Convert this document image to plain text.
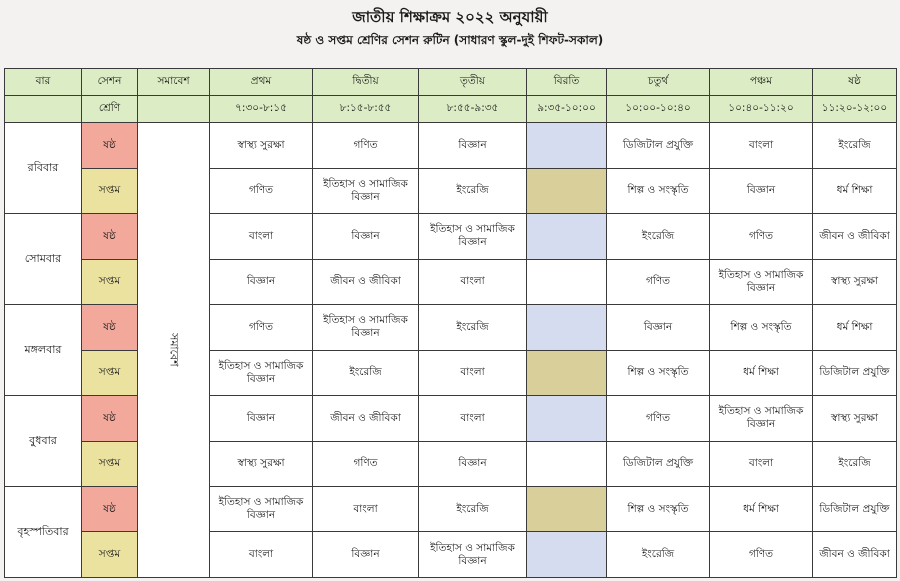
জাতীয় শিক্ষাক্রম ২০২২ অনুযায়ী
ষষ্ঠ ও সপ্তম শ্রেণির সেশন রুটিন (সাধারণ স্কুল-দুই শিফট-সকাল)
বার	সেশন	সমাবেশ	প্রথম	দ্বিতীয়	তৃতীয়	বিরতি	চতুর্থ	পঞ্চম	ষষ্ঠ
	শ্রেণি		৭:৩০-৮:১৫	৮:১৫-৮:৫৫	৮:৫৫-৯:৩৫	৯:৩৫-১০:০০	১০:০০-১০:৪০	১০:৪০-১১:২০	১১:২০-১২:০০
রবিবার	ষষ্ঠ	সমাবেশ	স্বাস্থ্য সুরক্ষা	গণিত	বিজ্ঞান		ডিজিটাল প্রযুক্তি	বাংলা	ইংরেজি
	সপ্তম		গণিত	ইতিহাস ও সামাজিক বিজ্ঞান	ইংরেজি		শিল্প ও সংস্কৃতি	বিজ্ঞান	ধর্ম শিক্ষা
সোমবার	ষষ্ঠ		বাংলা	বিজ্ঞান	ইতিহাস ও সামাজিক বিজ্ঞান		ইংরেজি	গণিত	জীবন ও জীবিকা
	সপ্তম		বিজ্ঞান	জীবন ও জীবিকা	বাংলা		গণিত	ইতিহাস ও সামাজিক বিজ্ঞান	স্বাস্থ্য সুরক্ষা
মঙ্গলবার	ষষ্ঠ		গণিত	ইতিহাস ও সামাজিক বিজ্ঞান	ইংরেজি		বিজ্ঞান	শিল্প ও সংস্কৃতি	ধর্ম শিক্ষা
	সপ্তম		ইতিহাস ও সামাজিক বিজ্ঞান	ইংরেজি	বাংলা		শিল্প ও সংস্কৃতি	ধর্ম শিক্ষা	ডিজিটাল প্রযুক্তি
বুধবার	ষষ্ঠ		বিজ্ঞান	জীবন ও জীবিকা	বাংলা		গণিত	ইতিহাস ও সামাজিক বিজ্ঞান	স্বাস্থ্য সুরক্ষা
	সপ্তম		স্বাস্থ্য সুরক্ষা	গণিত	বিজ্ঞান		ডিজিটাল প্রযুক্তি	বাংলা	ইংরেজি
বৃহস্পতিবার	ষষ্ঠ		ইতিহাস ও সামাজিক বিজ্ঞান	বাংলা	ইংরেজি		শিল্প ও সংস্কৃতি	ধর্ম শিক্ষা	ডিজিটাল প্রযুক্তি
	সপ্তম		বাংলা	বিজ্ঞান	ইতিহাস ও সামাজিক বিজ্ঞান		ইংরেজি	গণিত	জীবন ও জীবিকা
